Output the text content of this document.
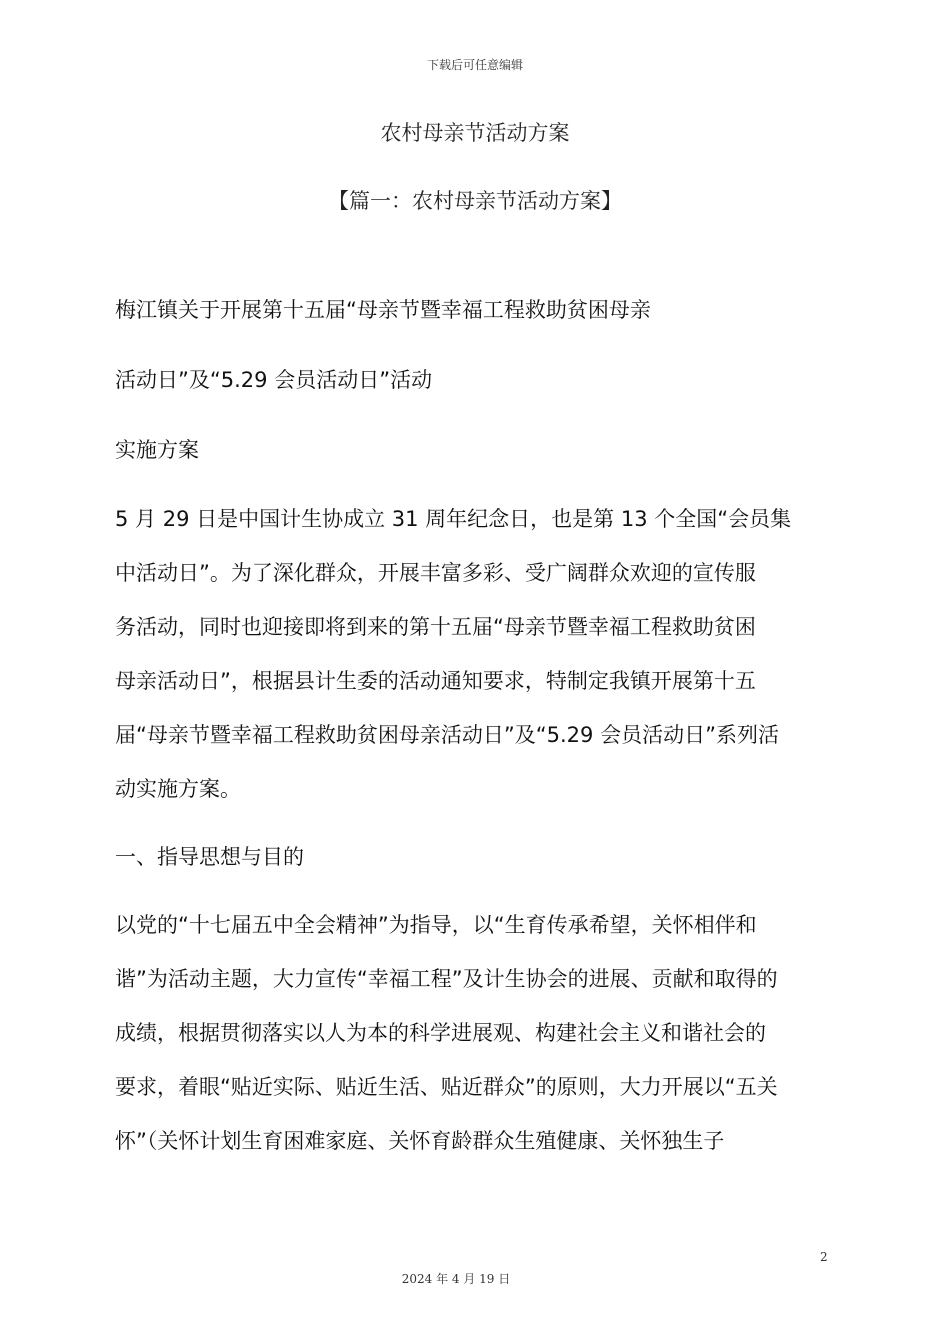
下载后可任意编辑
农村母亲节活动方案
【篇一：农村母亲节活动方案】
梅江镇关于开展第十五届“母亲节暨幸福工程救助贫困母亲
活动日”及“5.29 会员活动日”活动
实施方案
5 月 29 日是中国计生协成立 31 周年纪念日，也是第 13 个全国“会员集
中活动日”。为了深化群众，开展丰富多彩、受广阔群众欢迎的宣传服
务活动，同时也迎接即将到来的第十五届“母亲节暨幸福工程救助贫困
母亲活动日”，根据县计生委的活动通知要求，特制定我镇开展第十五
届“母亲节暨幸福工程救助贫困母亲活动日”及“5.29 会员活动日”系列活
动实施方案。
一、指导思想与目的
以党的“十七届五中全会精神”为指导，以“生育传承希望，关怀相伴和
谐”为活动主题，大力宣传“幸福工程”及计生协会的进展、贡献和取得的
成绩，根据贯彻落实以人为本的科学进展观、构建社会主义和谐社会的
要求，着眼“贴近实际、贴近生活、贴近群众”的原则，大力开展以“五关
怀”（关怀计划生育困难家庭、关怀育龄群众生殖健康、关怀独生子
2
2024 年 4 月 19 日
